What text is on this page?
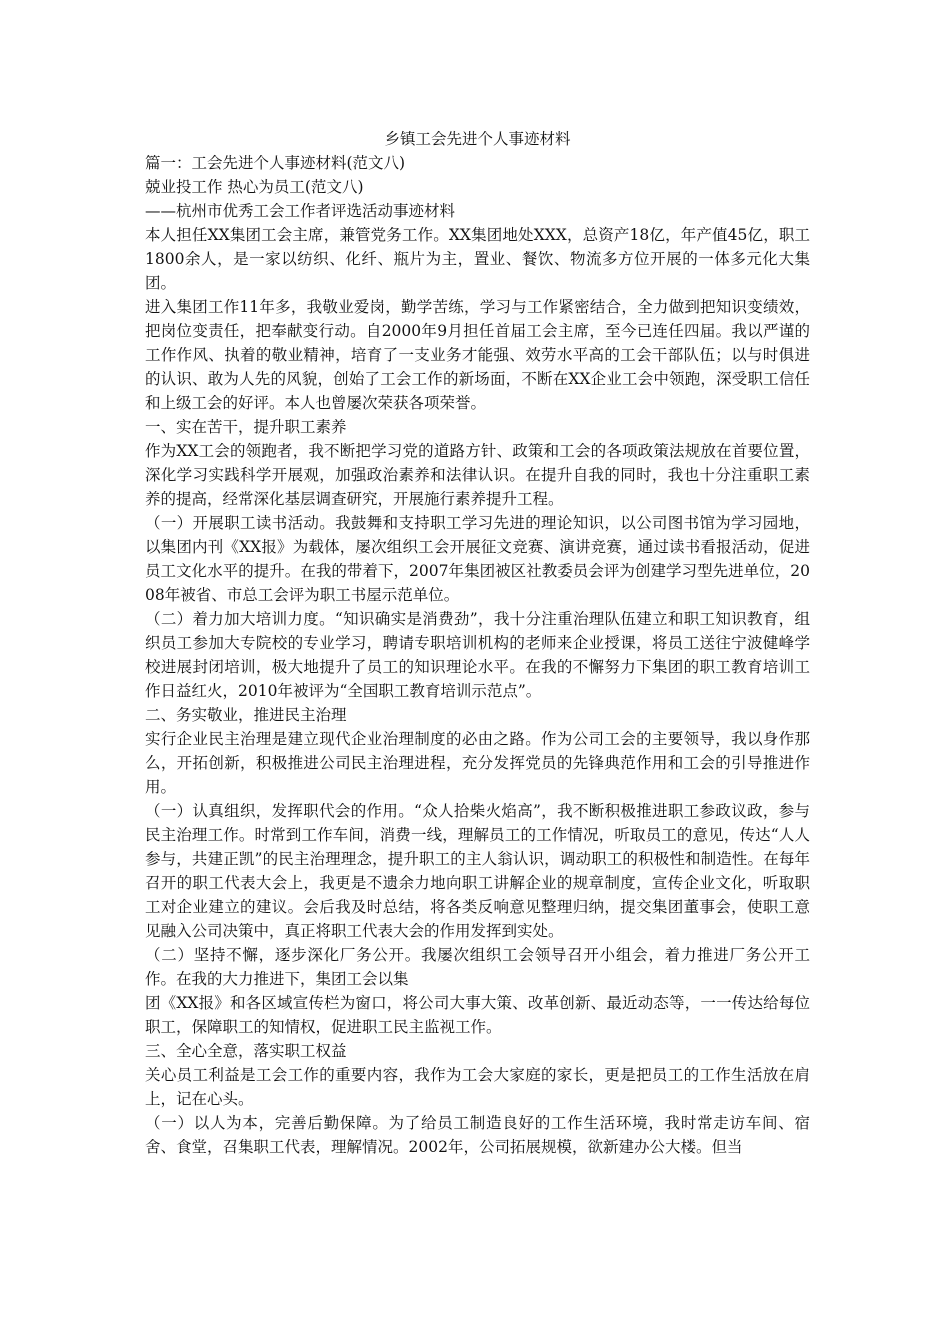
乡镇工会先进个人事迹材料

篇一：工会先进个人事迹材料(范文八)

兢业投工作 热心为员工(范文八)

——杭州市优秀工会工作者评选活动事迹材料

本人担任XX集团工会主席，兼管党务工作。XX集团地处XXX，总资产18亿，年产值45亿，职工1800余人，是一家以纺织、化纤、瓶片为主，置业、餐饮、物流多方位开展的一体多元化大集团。

进入集团工作11年多，我敬业爱岗，勤学苦练，学习与工作紧密结合，全力做到把知识变绩效，把岗位变责任，把奉献变行动。自2000年9月担任首届工会主席，至今已连任四届。我以严谨的工作作风、执着的敬业精神，培育了一支业务才能强、效劳水平高的工会干部队伍；以与时俱进的认识、敢为人先的风貌，创始了工会工作的新场面，不断在XX企业工会中领跑，深受职工信任和上级工会的好评。本人也曾屡次荣获各项荣誉。

一、实在苦干，提升职工素养

作为XX工会的领跑者，我不断把学习党的道路方针、政策和工会的各项政策法规放在首要位置，深化学习实践科学开展观，加强政治素养和法律认识。在提升自我的同时，我也十分注重职工素养的提高，经常深化基层调查研究，开展施行素养提升工程。

（一）开展职工读书活动。我鼓舞和支持职工学习先进的理论知识，以公司图书馆为学习园地，以集团内刊《XX报》为载体，屡次组织工会开展征文竞赛、演讲竞赛，通过读书看报活动，促进员工文化水平的提升。在我的带着下，2007年集团被区社教委员会评为创建学习型先进单位，2008年被省、市总工会评为职工书屋示范单位。

（二）着力加大培训力度。“知识确实是消费劲”，我十分注重治理队伍建立和职工知识教育，组织员工参加大专院校的专业学习，聘请专职培训机构的老师来企业授课，将员工送往宁波健峰学校进展封闭培训，极大地提升了员工的知识理论水平。在我的不懈努力下集团的职工教育培训工作日益红火，2010年被评为“全国职工教育培训示范点”。

二、务实敬业，推进民主治理

实行企业民主治理是建立现代企业治理制度的必由之路。作为公司工会的主要领导，我以身作那么，开拓创新，积极推进公司民主治理进程，充分发挥党员的先锋典范作用和工会的引导推进作用。

（一）认真组织，发挥职代会的作用。“众人拾柴火焰高”，我不断积极推进职工参政议政，参与民主治理工作。时常到工作车间，消费一线，理解员工的工作情况，听取员工的意见，传达“人人参与，共建正凯”的民主治理理念，提升职工的主人翁认识，调动职工的积极性和制造性。在每年召开的职工代表大会上，我更是不遗余力地向职工讲解企业的规章制度，宣传企业文化，听取职工对企业建立的建议。会后我及时总结，将各类反响意见整理归纳，提交集团董事会，使职工意见融入公司决策中，真正将职工代表大会的作用发挥到实处。

（二）坚持不懈，逐步深化厂务公开。我屡次组织工会领导召开小组会，着力推进厂务公开工作。在我的大力推进下，集团工会以集

团《XX报》和各区域宣传栏为窗口，将公司大事大策、改革创新、最近动态等，一一传达给每位职工，保障职工的知情权，促进职工民主监视工作。

三、全心全意，落实职工权益

关心员工利益是工会工作的重要内容，我作为工会大家庭的家长，更是把员工的工作生活放在肩上，记在心头。

（一）以人为本，完善后勤保障。为了给员工制造良好的工作生活环境，我时常走访车间、宿舍、食堂，召集职工代表，理解情况。2002年，公司拓展规模，欲新建办公大楼。但当
